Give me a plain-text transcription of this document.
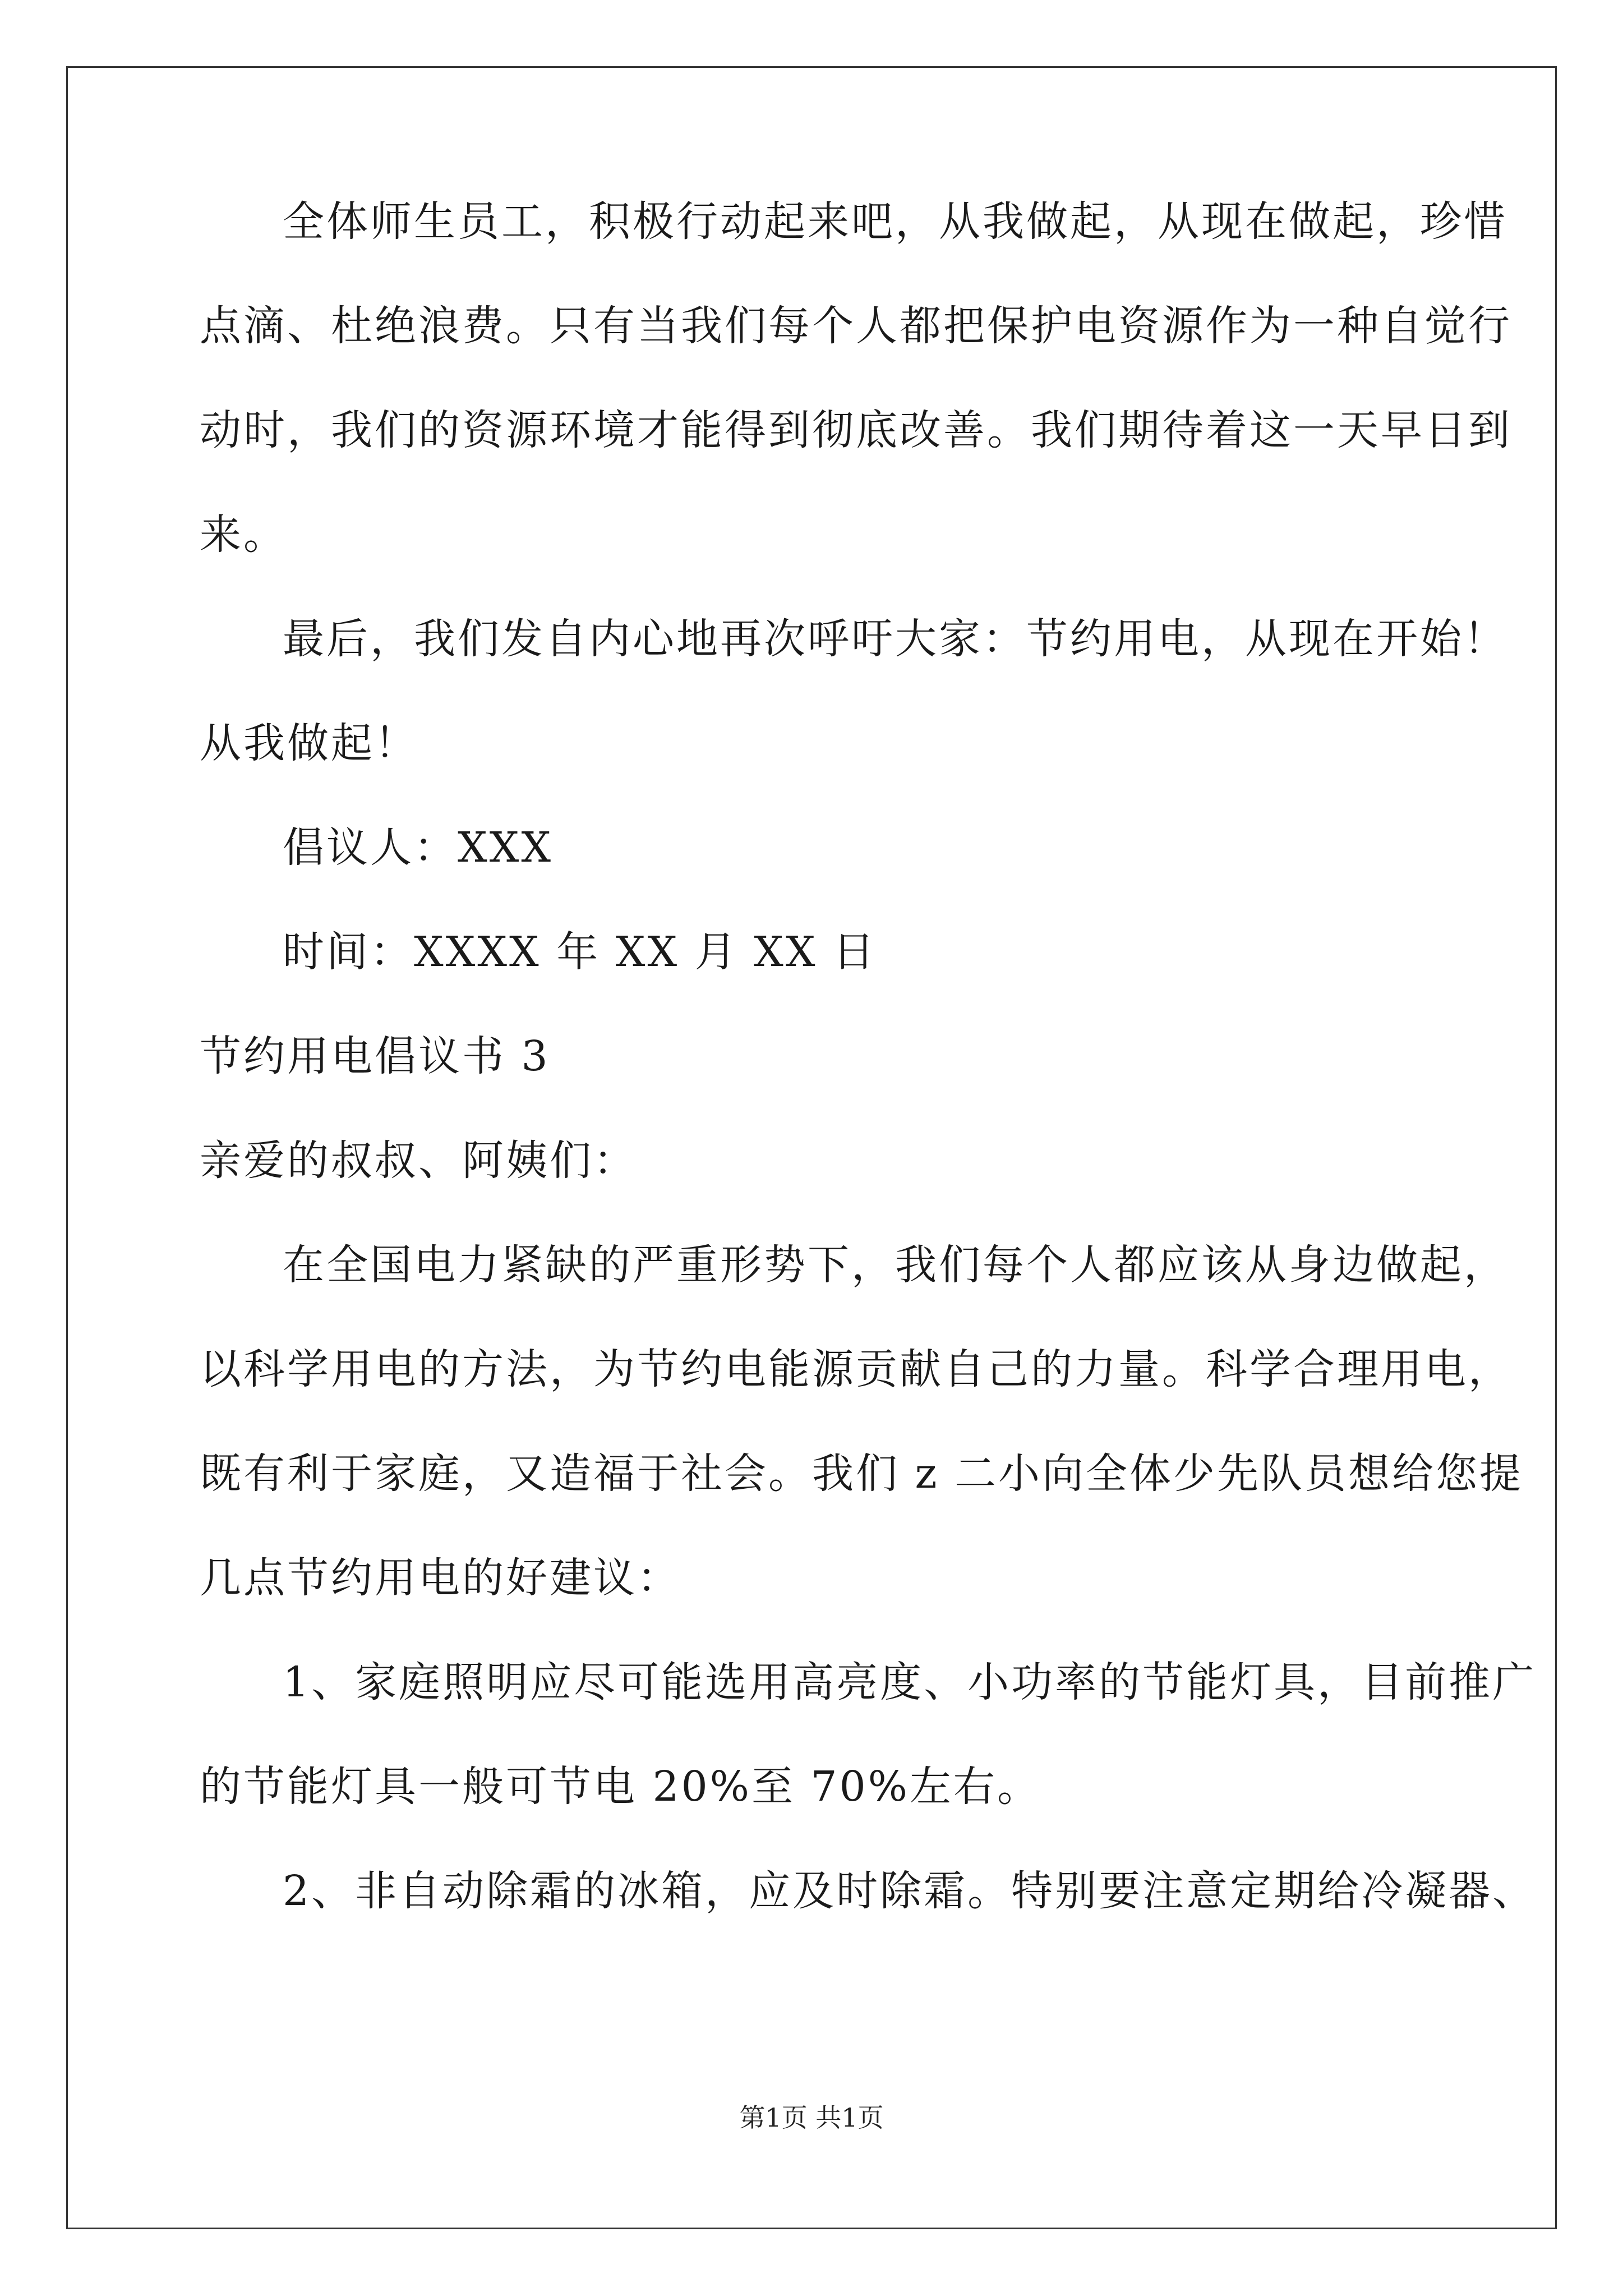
全体师生员工，积极行动起来吧，从我做起，从现在做起，珍惜
点滴、杜绝浪费。只有当我们每个人都把保护电资源作为一种自觉行
动时，我们的资源环境才能得到彻底改善。我们期待着这一天早日到
来。
最后，我们发自内心地再次呼吁大家：节约用电，从现在开始！
从我做起！
倡议人：XXX
时间：XXXX 年 XX 月 XX 日
节约用电倡议书 3
亲爱的叔叔、阿姨们：
在全国电力紧缺的严重形势下，我们每个人都应该从身边做起，
以科学用电的方法，为节约电能源贡献自己的力量。科学合理用电，
既有利于家庭，又造福于社会。我们 z 二小向全体少先队员想给您提
几点节约用电的好建议：
1、家庭照明应尽可能选用高亮度、小功率的节能灯具，目前推广
的节能灯具一般可节电 20%至 70%左右。
2、非自动除霜的冰箱，应及时除霜。特别要注意定期给冷凝器、
第1页 共1页
